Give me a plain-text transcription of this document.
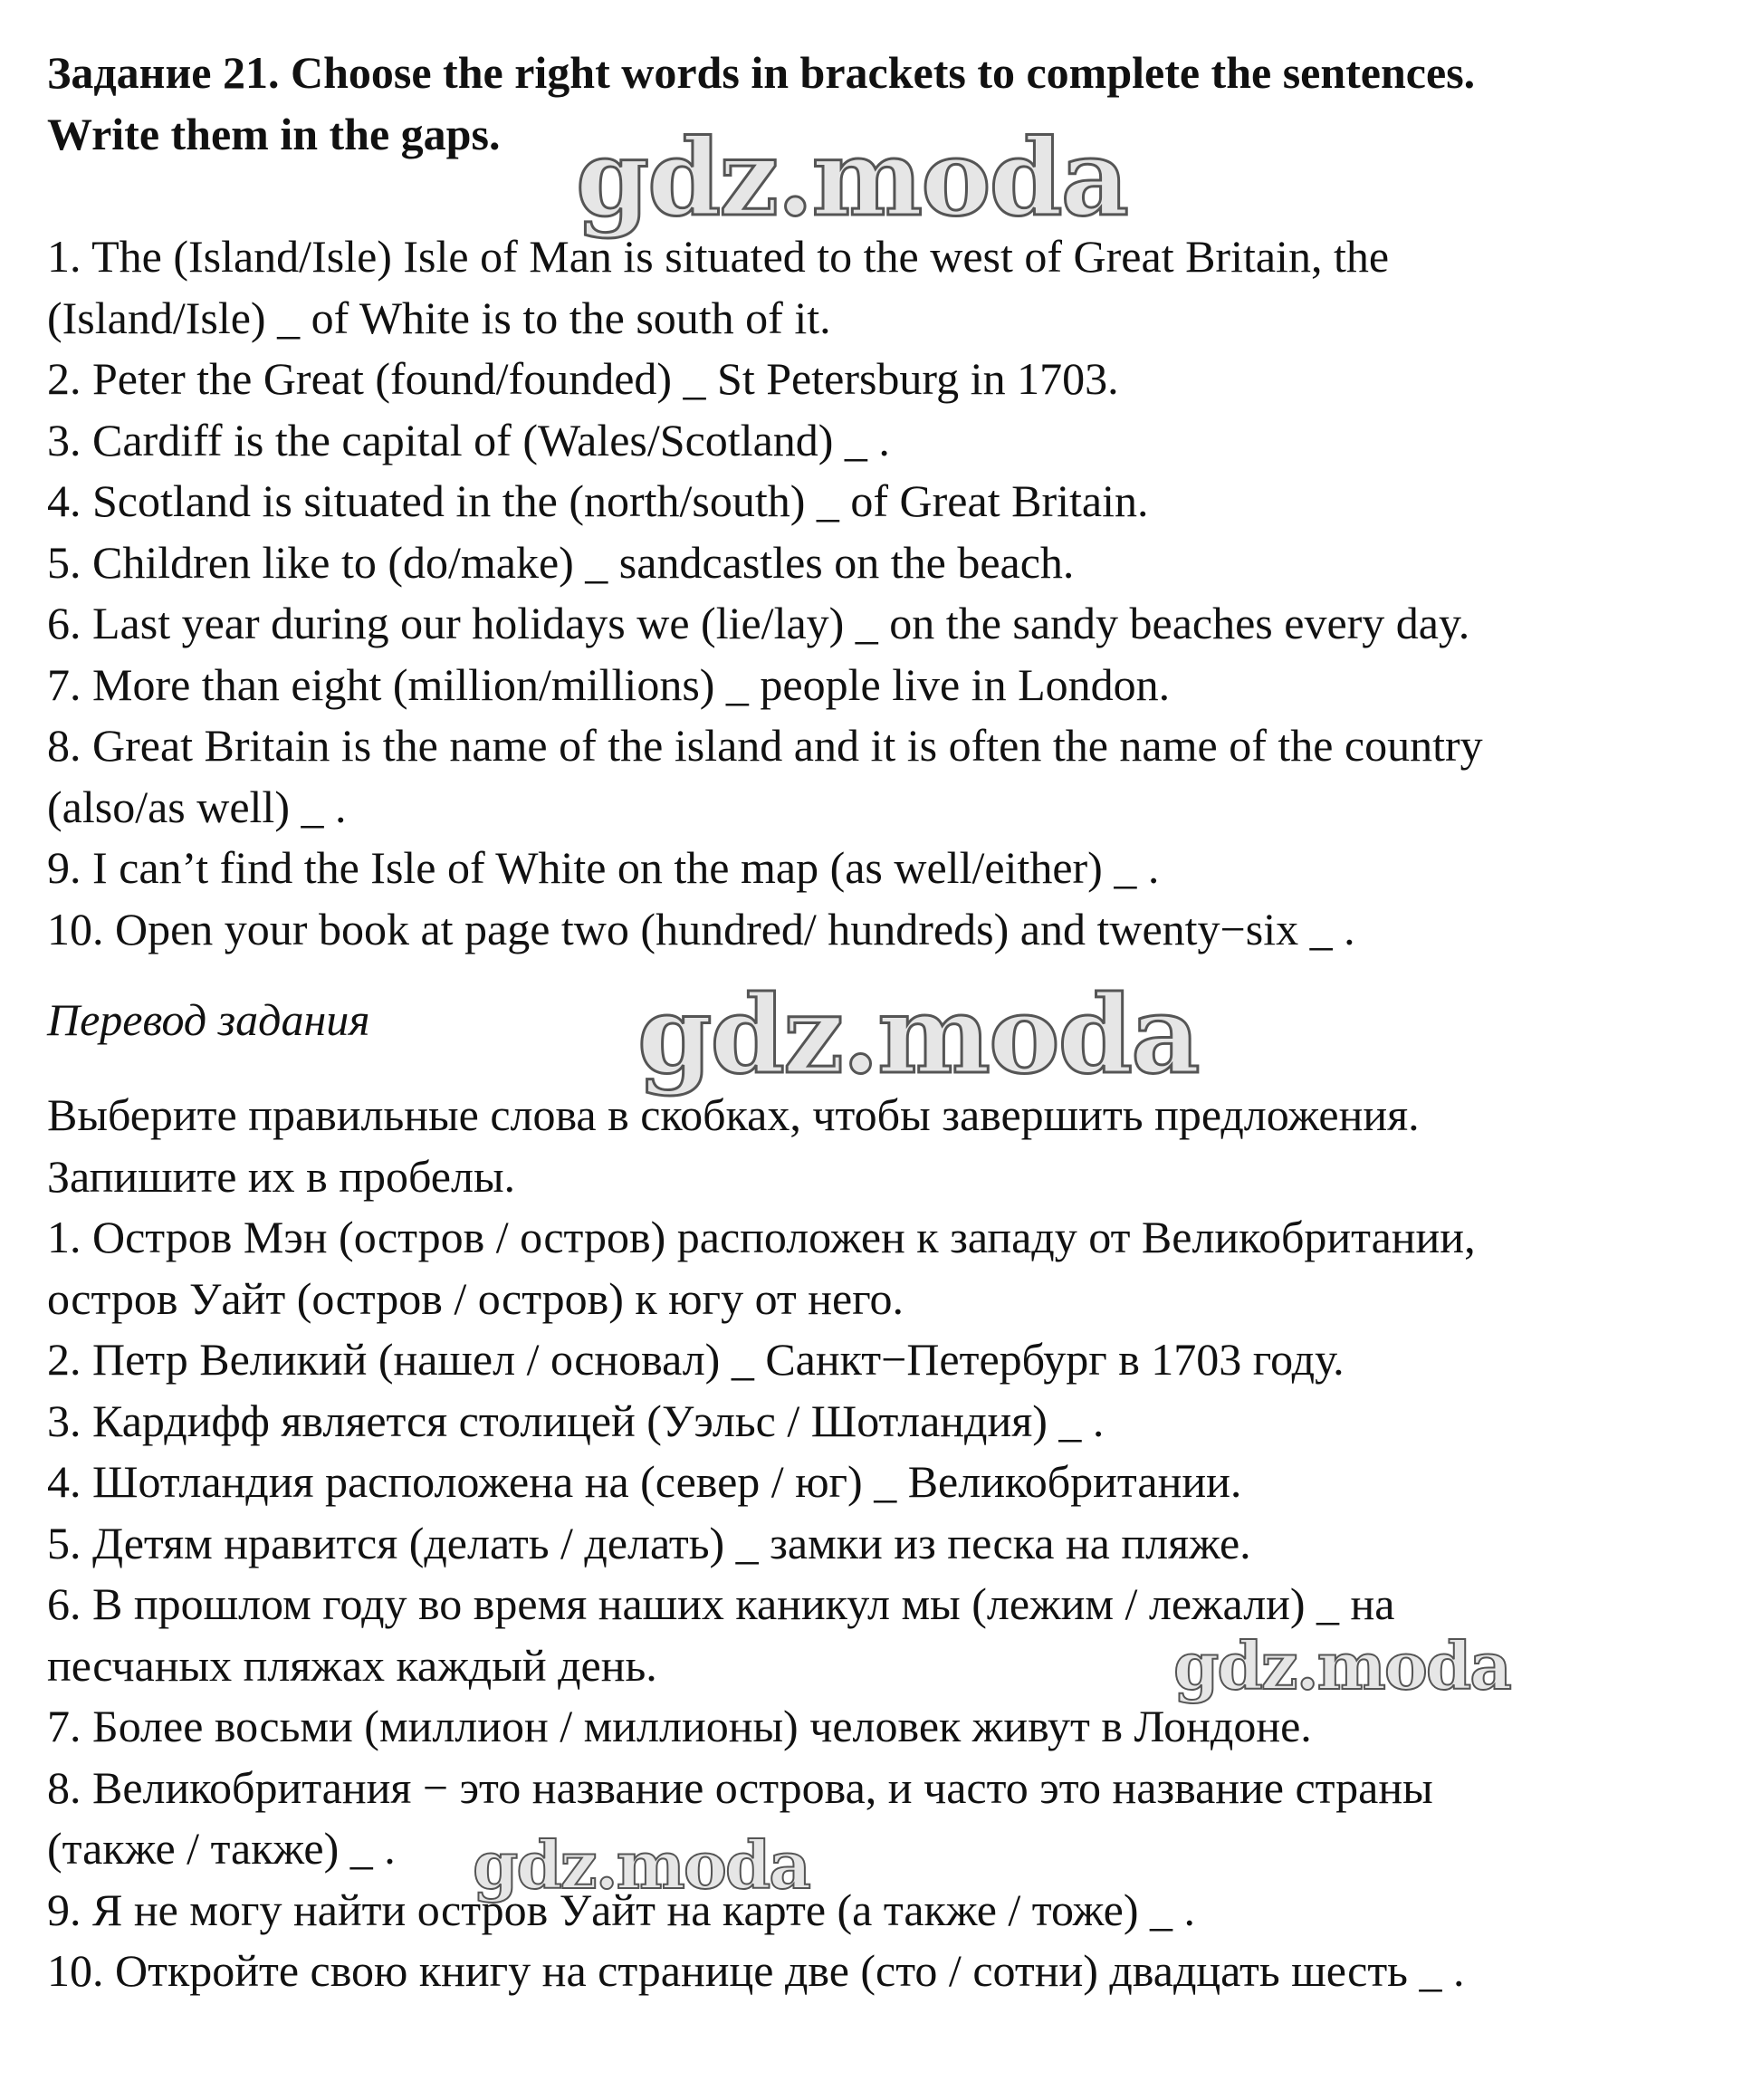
Задание 21. Choose the right words in brackets to complete the sentences.

Write them in the gaps.

1. The (Island/Isle) Isle of Man is situated to the west of Great Britain, the

(Island/Isle) _ of White is to the south of it.

2. Peter the Great (found/founded) _ St Petersburg in 1703.

3. Cardiff is the capital of (Wales/Scotland) _ .

4. Scotland is situated in the (north/south) _ of Great Britain.

5. Children like to (do/make) _ sandcastles on the beach.

6. Last year during our holidays we (lie/lay) _ on the sandy beaches every day.

7. More than eight (million/millions) _ people live in London.

8. Great Britain is the name of the island and it is often the name of the country

(also/as well) _ .

9. I can’t find the Isle of White on the map (as well/either) _ .

10. Open your book at page two (hundred/ hundreds) and twenty−six _ .

Перевод задания

Выберите правильные слова в скобках, чтобы завершить предложения.

Запишите их в пробелы.

1. Остров Мэн (остров / остров) расположен к западу от Великобритании,

остров Уайт (остров / остров) к югу от него.

2. Петр Великий (нашел / основал) _ Санкт−Петербург в 1703 году.

3. Кардифф является столицей (Уэльс / Шотландия) _ .

4. Шотландия расположена на (север / юг) _ Великобритании.

5. Детям нравится (делать / делать) _ замки из песка на пляже.

6. В прошлом году во время наших каникул мы (лежим / лежали) _ на

песчаных пляжах каждый день.

7. Более восьми (миллион / миллионы) человек живут в Лондоне.

8. Великобритания − это название острова, и часто это название страны

(также / также) _ .

9. Я не могу найти остров Уайт на карте (а также / тоже) _ .

10. Откройте свою книгу на странице две (сто / сотни) двадцать шесть _ .

gdz.moda
gdz.moda
gdz.moda
gdz.moda
